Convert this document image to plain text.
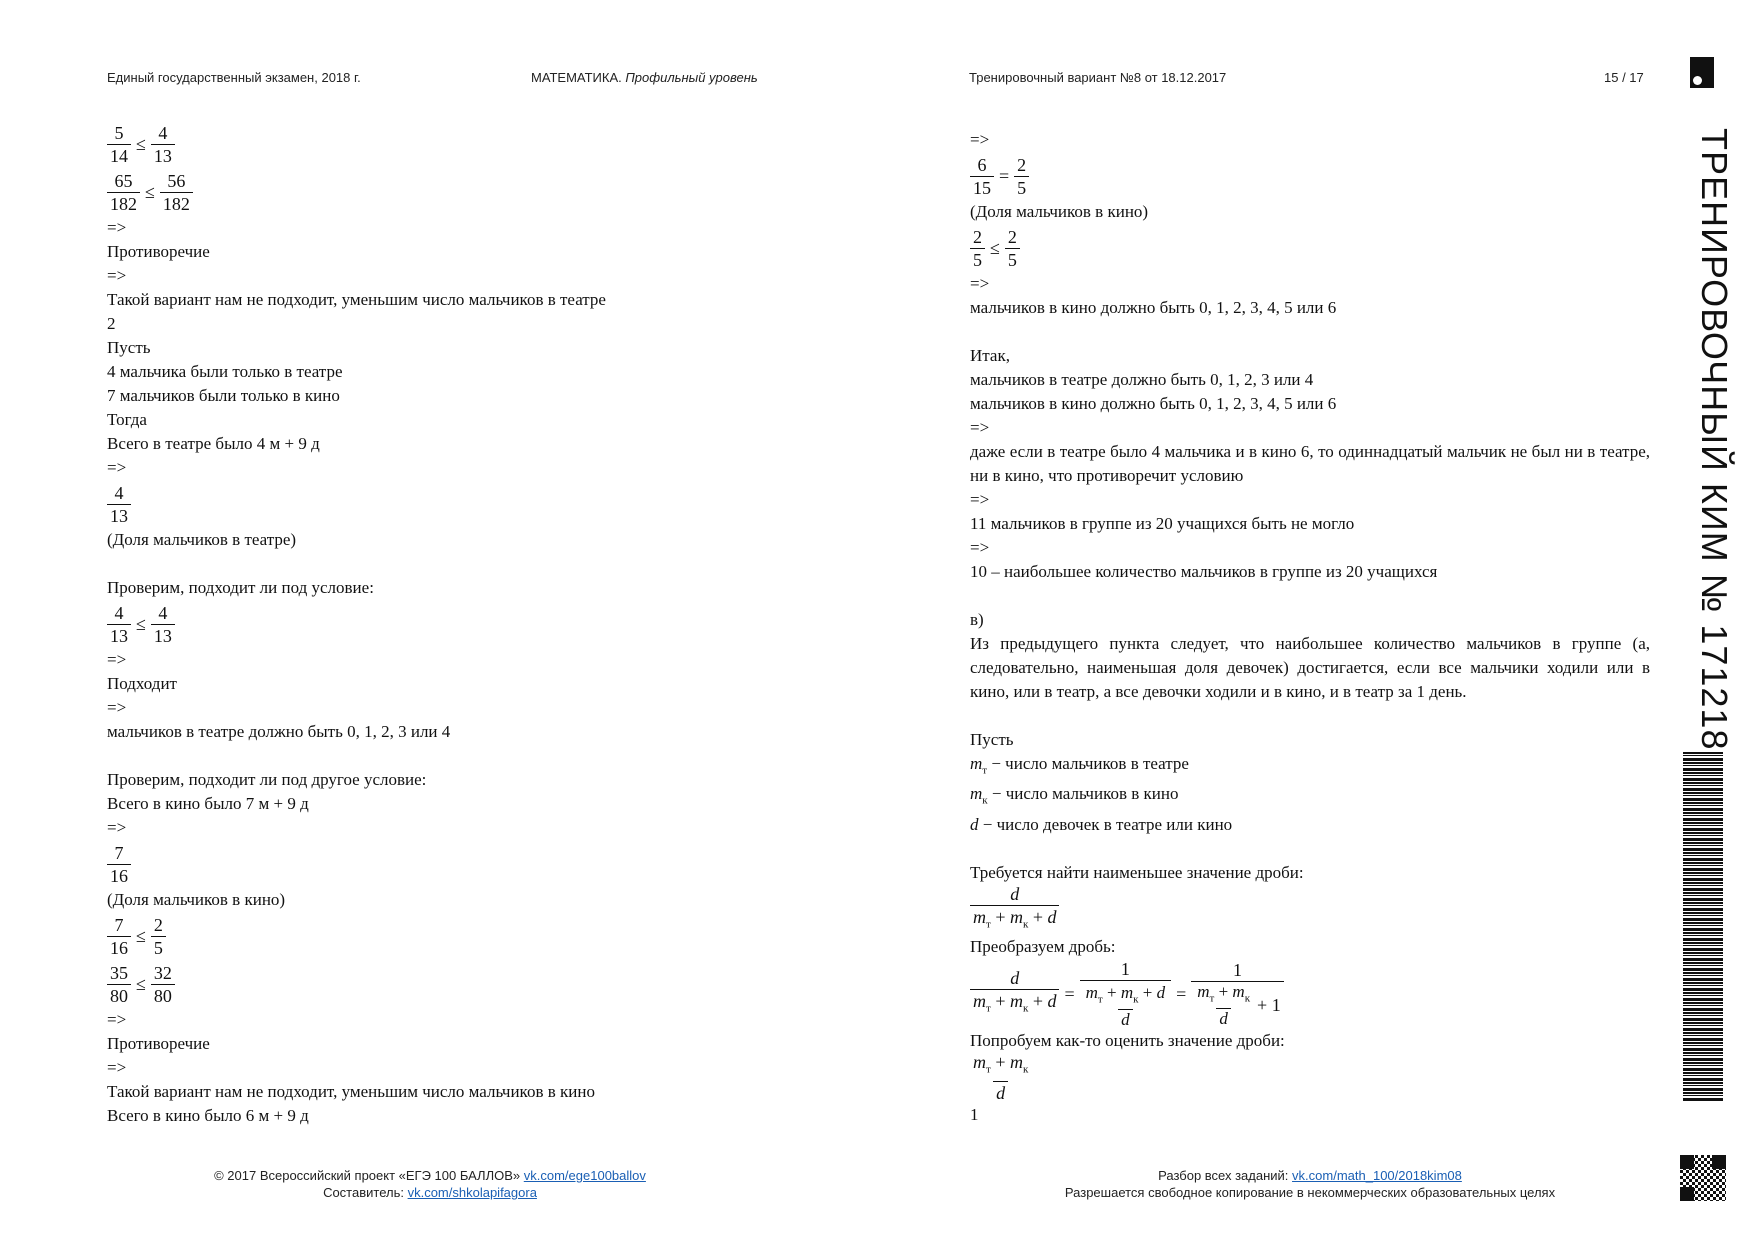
Единый государственный экзамен, 2018 г.	МАТЕМАТИКА. Профильный уровень	Тренировочный вариант №8 от 18.12.2017	15 / 17
$\frac{5}{14} \le \frac{4}{13}$
$\frac{65}{182} \le \frac{56}{182}$
=>
Противоречие
=>
Такой вариант нам не подходит, уменьшим число мальчиков в театре
2
Пусть
4 мальчика были только в театре
7 мальчиков были только в кино
Тогда
Всего в театре было 4 м + 9 д
=>
$\frac{4}{13}$
(Доля мальчиков в театре)
Проверим, подходит ли под условие:
$\frac{4}{13} \le \frac{4}{13}$
=>
Подходит
=>
мальчиков в театре должно быть 0, 1, 2, 3 или 4
Проверим, подходит ли под другое условие:
Всего в кино было 7 м + 9 д
=>
$\frac{7}{16}$
(Доля мальчиков в кино)
$\frac{7}{16} \le \frac{2}{5}$
$\frac{35}{80} \le \frac{32}{80}$
=>
Противоречие
=>
Такой вариант нам не подходит, уменьшим число мальчиков в кино
Всего в кино было 6 м + 9 д
=>
$\frac{6}{15} = \frac{2}{5}$
(Доля мальчиков в кино)
$\frac{2}{5} \le \frac{2}{5}$
=>
мальчиков в кино должно быть 0, 1, 2, 3, 4, 5 или 6
Итак,
мальчиков в театре должно быть 0, 1, 2, 3 или 4
мальчиков в кино должно быть 0, 1, 2, 3, 4, 5 или 6
=>
даже если в театре было 4 мальчика и в кино 6, то одиннадцатый мальчик не был ни в театре, ни в кино, что противоречит условию
=>
11 мальчиков в группе из 20 учащихся быть не могло
=>
10 – наибольшее количество мальчиков в группе из 20 учащихся
в)
Из предыдущего пункта следует, что наибольшее количество мальчиков в группе (а, следовательно, наименьшая доля девочек) достигается, если все мальчики ходили или в кино, или в театр, а все девочки ходили и в кино, и в театр за 1 день.
Пусть
$m_т$ − число мальчиков в театре
$m_к$ − число мальчиков в кино
d − число девочек в театре или кино
Требуется найти наименьшее значение дроби:
$\frac{d}{m_т + m_к + d}$
Преобразуем дробь:
$\frac{d}{m_т + m_к + d} = \frac{1}{\frac{m_т + m_к + d}{d}} = 1$
$\frac{m_т + m_к}{d}$ +
1
Попробуем как-то оценить значение дроби:
$\frac{m_т + m_к}{d}$
1
ТРЕНИРОВОЧНЫЙ КИМ № 171218
© 2017 Всероссийский проект «ЕГЭ 100 БАЛЛОВ» vk.com/ege100ballov
Составитель: vk.com/shkolapifagora
Разбор всех заданий: vk.com/math_100/2018kim08
Разрешается свободное копирование в некоммерческих образовательных целях
